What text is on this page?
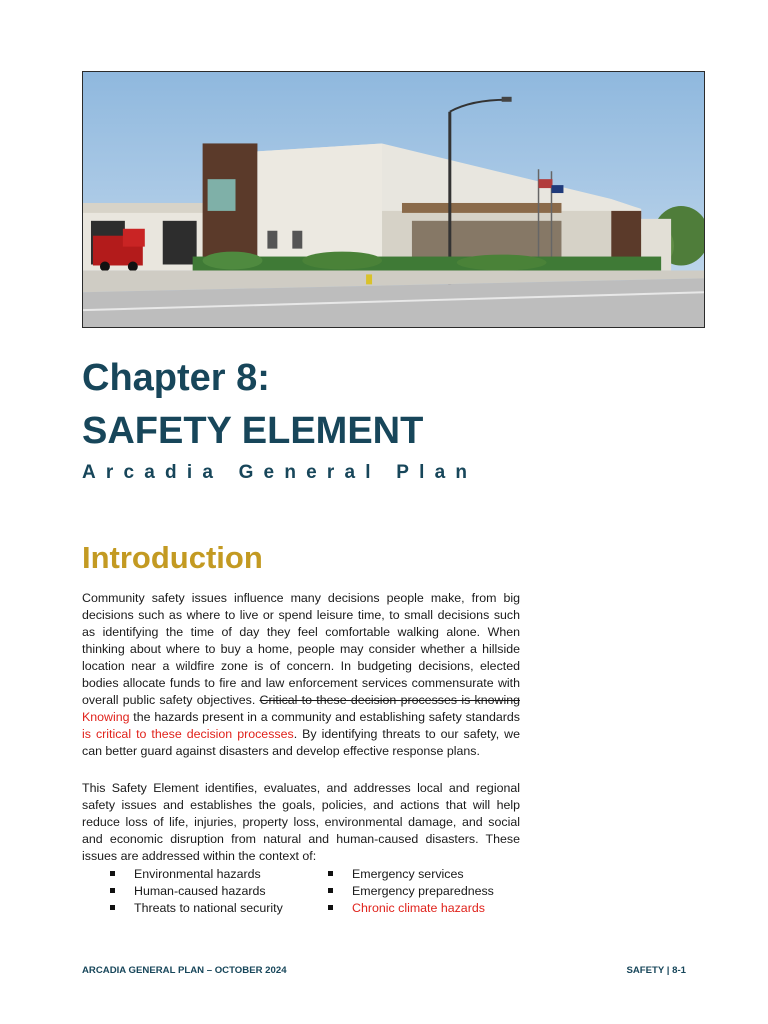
Chapter 8:
SAFETY ELEMENT
Arcadia General Plan
Introduction

Community safety issues influence many decisions people make, from big decisions such as where to live or spend leisure time, to small decisions such as identifying the time of day they feel comfortable walking alone. When thinking about where to buy a home, people may consider whether a hillside location near a wildfire zone is of concern. In budgeting decisions, elected bodies allocate funds to fire and law enforcement services commensurate with overall public safety objectives. Critical to these decision processes is knowing Knowing the hazards present in a community and establishing safety standards is critical to these decision processes. By identifying threats to our safety, we can better guard against disasters and develop effective response plans.

This Safety Element identifies, evaluates, and addresses local and regional safety issues and establishes the goals, policies, and actions that will help reduce loss of life, injuries, property loss, environmental damage, and social and economic disruption from natural and human-caused disasters. These issues are addressed within the context of:

Environmental hazards
Human-caused hazards
Threats to national security
Emergency services
Emergency preparedness
Chronic climate hazards
ARCADIA GENERAL PLAN – OCTOBER 2024	SAFETY | 8-1
